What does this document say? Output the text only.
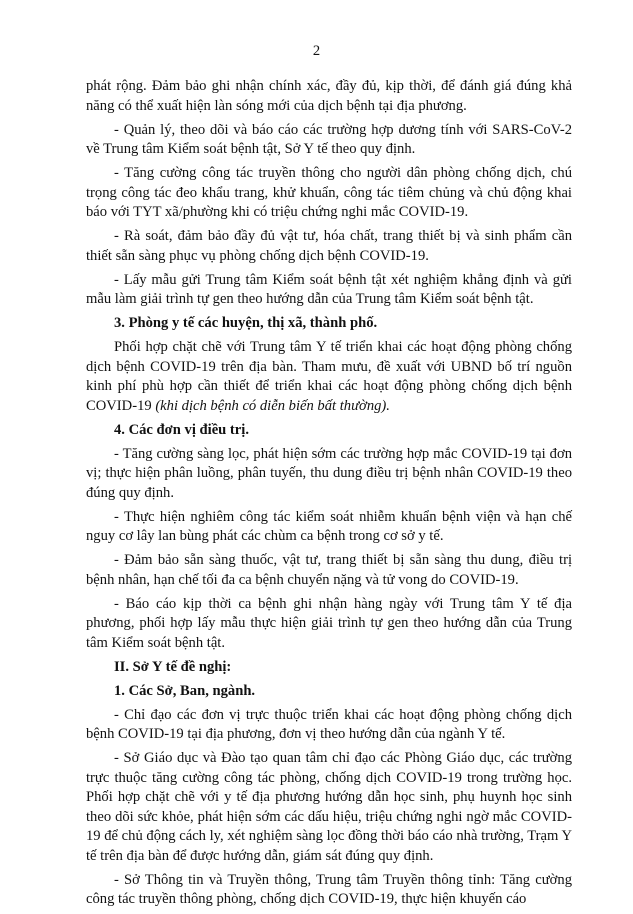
2

phát rộng. Đảm bảo ghi nhận chính xác, đầy đủ, kịp thời, để đánh giá đúng khả năng có thể xuất hiện làn sóng mới của dịch bệnh tại địa phương.

- Quản lý, theo dõi và báo cáo các trường hợp dương tính với SARS-CoV-2 về Trung tâm Kiểm soát bệnh tật, Sở Y tế theo quy định.

- Tăng cường công tác truyền thông cho người dân phòng chống dịch, chú trọng công tác đeo khẩu trang, khử khuẩn, công tác tiêm chủng và chủ động khai báo với TYT xã/phường khi có triệu chứng nghi mắc COVID-19.

- Rà soát, đảm bảo đầy đủ vật tư, hóa chất, trang thiết bị và sinh phẩm cần thiết sẵn sàng phục vụ phòng chống dịch bệnh COVID-19.

- Lấy mẫu gửi Trung tâm Kiểm soát bệnh tật xét nghiệm khẳng định và gửi mẫu làm giải trình tự gen theo hướng dẫn của Trung tâm Kiểm soát bệnh tật.

3. Phòng y tế các huyện, thị xã, thành phố.

Phối hợp chặt chẽ với Trung tâm Y tế triển khai các hoạt động phòng chống dịch bệnh COVID-19 trên địa bàn. Tham mưu, đề xuất với UBND bố trí nguồn kinh phí phù hợp cần thiết để triển khai các hoạt động phòng chống dịch bệnh COVID-19 (khi dịch bệnh có diễn biến bất thường).

4. Các đơn vị điều trị.

- Tăng cường sàng lọc, phát hiện sớm các trường hợp mắc COVID-19 tại đơn vị; thực hiện phân luồng, phân tuyến, thu dung điều trị bệnh nhân COVID-19 theo đúng quy định.

- Thực hiện nghiêm công tác kiểm soát nhiễm khuẩn bệnh viện và hạn chế nguy cơ lây lan bùng phát các chùm ca bệnh trong cơ sở y tế.

- Đảm bảo sẵn sàng thuốc, vật tư, trang thiết bị sẵn sàng thu dung, điều trị bệnh nhân, hạn chế tối đa ca bệnh chuyển nặng và tử vong do COVID-19.

- Báo cáo kịp thời ca bệnh ghi nhận hàng ngày với Trung tâm Y tế địa phương, phối hợp lấy mẫu thực hiện giải trình tự gen theo hướng dẫn của Trung tâm Kiểm soát bệnh tật.

II. Sở Y tế đề nghị:

1. Các Sở, Ban, ngành.

- Chỉ đạo các đơn vị trực thuộc triển khai các hoạt động phòng chống dịch bệnh COVID-19 tại địa phương, đơn vị theo hướng dẫn của ngành Y tế.

- Sở Giáo dục và Đào tạo quan tâm chỉ đạo các Phòng Giáo dục, các trường trực thuộc tăng cường công tác phòng, chống dịch COVID-19 trong trường học. Phối hợp chặt chẽ với y tế địa phương hướng dẫn học sinh, phụ huynh học sinh theo dõi sức khỏe, phát hiện sớm các dấu hiệu, triệu chứng nghi ngờ mắc COVID-19 để chủ động cách ly, xét nghiệm sàng lọc đồng thời báo cáo nhà trường, Trạm Y tế trên địa bàn để được hướng dẫn, giám sát đúng quy định.

- Sở Thông tin và Truyền thông, Trung tâm Truyền thông tỉnh: Tăng cường công tác truyền thông phòng, chống dịch COVID-19, thực hiện khuyến cáo
